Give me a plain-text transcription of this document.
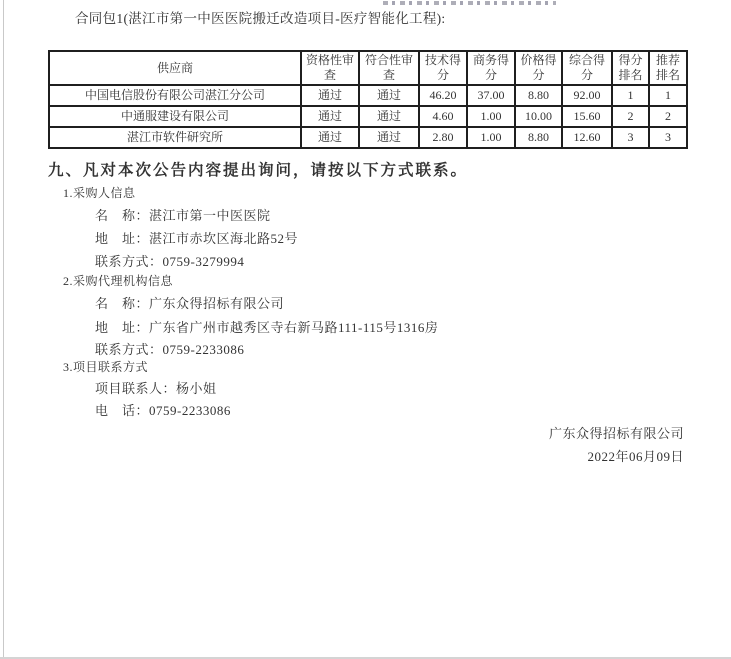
合同包1(湛江市第一中医医院搬迁改造项目-医疗智能化工程):
供应商	资格性审查	符合性审查	技术得分	商务得分	价格得分	综合得分	得分排名	推荐排名
中国电信股份有限公司湛江分公司	通过	通过	46.20	37.00	8.80	92.00	1	1
中通服建设有限公司	通过	通过	4.60	1.00	10.00	15.60	2	2
湛江市软件研究所	通过	通过	2.80	1.00	8.80	12.60	3	3
九、凡对本次公告内容提出询问，请按以下方式联系。
1.采购人信息
名　称：湛江市第一中医医院
地　址：湛江市赤坎区海北路52号
联系方式：0759-3279994
2.采购代理机构信息
名　称：广东众得招标有限公司
地　址：广东省广州市越秀区寺右新马路111-115号1316房
联系方式：0759-2233086
3.项目联系方式
项目联系人：杨小姐
电　话：0759-2233086
广东众得招标有限公司
2022年06月09日
